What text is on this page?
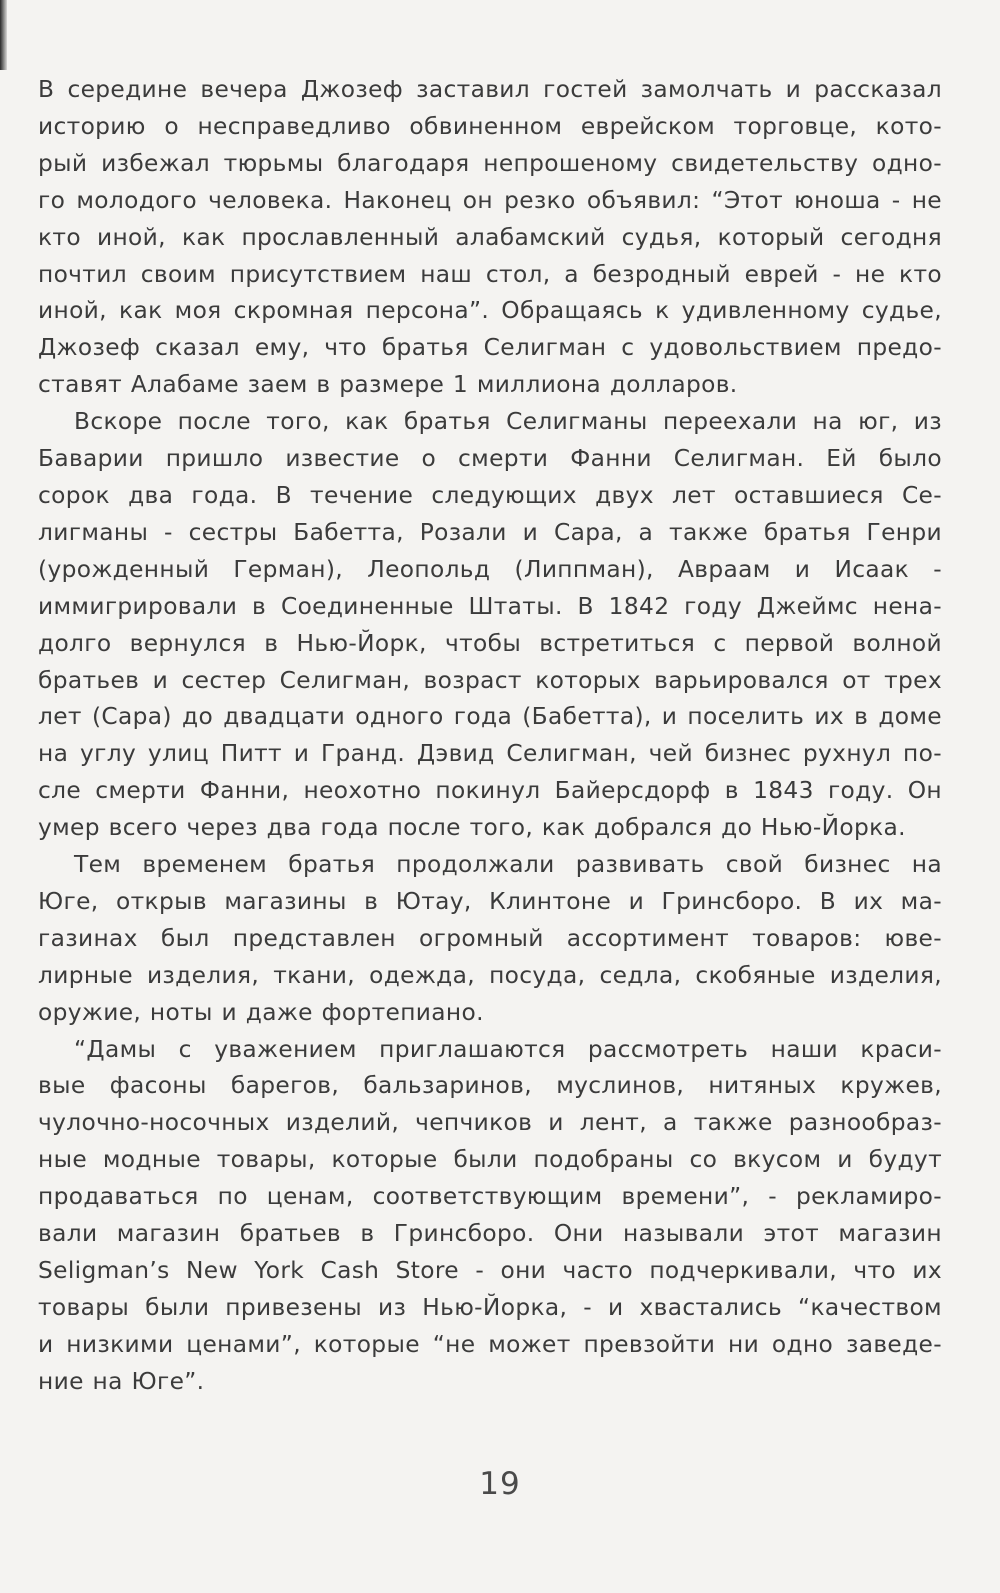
В середине вечера Джозеф заставил гостей замолчать и рассказал
историю о несправедливо обвиненном еврейском торговце, кото-
рый избежал тюрьмы благодаря непрошеному свидетельству одно-
го молодого человека. Наконец он резко объявил: “Этот юноша - не
кто иной, как прославленный алабамский судья, который сегодня
почтил своим присутствием наш стол, а безродный еврей - не кто
иной, как моя скромная персона”. Обращаясь к удивленному судье,
Джозеф сказал ему, что братья Селигман с удовольствием предо-
ставят Алабаме заем в размере 1 миллиона долларов.
Вскоре после того, как братья Селигманы переехали на юг, из
Баварии пришло известие о смерти Фанни Селигман. Ей было
сорок два года. В течение следующих двух лет оставшиеся Се-
лигманы - сестры Бабетта, Розали и Сара, а также братья Генри
(урожденный Герман), Леопольд (Липпман), Авраам и Исаак -
иммигрировали в Соединенные Штаты. В 1842 году Джеймс нена-
долго вернулся в Нью-Йорк, чтобы встретиться с первой волной
братьев и сестер Селигман, возраст которых варьировался от трех
лет (Сара) до двадцати одного года (Бабетта), и поселить их в доме
на углу улиц Питт и Гранд. Дэвид Селигман, чей бизнес рухнул по-
сле смерти Фанни, неохотно покинул Байерсдорф в 1843 году. Он
умер всего через два года после того, как добрался до Нью-Йорка.
Тем временем братья продолжали развивать свой бизнес на
Юге, открыв магазины в Ютау, Клинтоне и Гринсборо. В их ма-
газинах был представлен огромный ассортимент товаров: юве-
лирные изделия, ткани, одежда, посуда, седла, скобяные изделия,
оружие, ноты и даже фортепиано.
“Дамы с уважением приглашаются рассмотреть наши краси-
вые фасоны барегов, бальзаринов, муслинов, нитяных кружев,
чулочно-носочных изделий, чепчиков и лент, а также разнообраз-
ные модные товары, которые были подобраны со вкусом и будут
продаваться по ценам, соответствующим времени”, - рекламиро-
вали магазин братьев в Гринсборо. Они называли этот магазин
Seligman’s New York Cash Store - они часто подчеркивали, что их
товары были привезены из Нью-Йорка, - и хвастались “качеством
и низкими ценами”, которые “не может превзойти ни одно заведе-
ние на Юге”.
19
